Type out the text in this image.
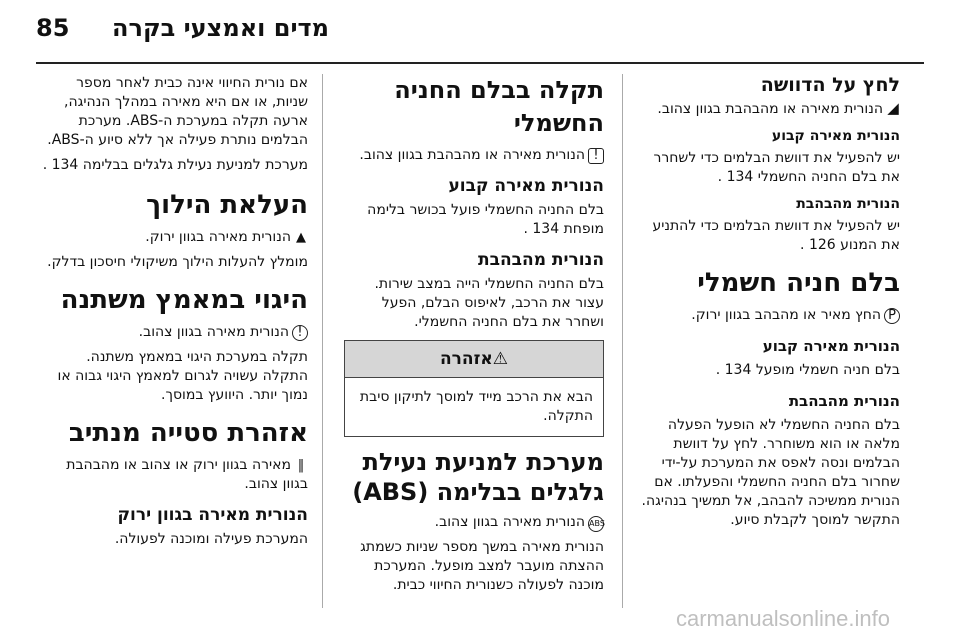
85 מדים ואמצעי בקרה
לחץ על הדוושה
◢הנורית מאירה או מהבהבת בגוון צהוב.
הנורית מאירה קבוע
יש להפעיל את דוושת הבלמים כדי לשחרר את בלם החניה החשמלי 134 .
הנורית מהבהבת
יש להפעיל את דוושת הבלמים כדי להתניע את המנוע 126 .
בלם חניה חשמלי
Pהחץ מאיר או מהבהב בגוון ירוק.
הנורית מאירה קבוע
בלם חניה חשמלי מופעל 134 .
הנורית מהבהבת
בלם החניה החשמלי לא הופעל הפעלה מלאה או הוא משוחרר. לחץ על דוושת הבלמים ונסה לאפס את המערכת על-ידי שחרור בלם החניה החשמלי והפעלתו. אם הנורית ממשיכה להבהב, אל תמשיך בנהיגה. התקשר למוסך לקבלת סיוע.
תקלה בבלם החניה החשמלי
!הנורית מאירה או מהבהבת בגוון צהוב.
הנורית מאירה קבוע
בלם החניה החשמלי פועל בכושר בלימה מופחת 134 .
הנורית מהבהבת
בלם החניה החשמלי הייה במצב שירות. עצור את הרכב, לאיפוס הבלם, הפעל ושחרר את בלם החניה החשמלי.
⚠אזהרה
הבא את הרכב מייד למוסך לתיקון סיבת התקלה.
מערכת למניעת נעילת גלגלים בבלימה (ABS)
ABSהנורית מאירה בגוון צהוב.
הנורית מאירה במשך מספר שניות כשמתג ההצתה מועבר למצב מופעל. המערכת מוכנה לפעולה כשנורית החיווי כבית.
אם נורית החיווי אינה כבית לאחר מספר שניות, או אם היא מאירה במהלך הנהיגה, ארעה תקלה במערכת ה-ABS. מערכת הבלמים נותרת פעילה אך ללא סיוע ה-ABS.
מערכת למניעת נעילת גלגלים בבלימה 134 .
העלאת הילוך
▲הנורית מאירה בגוון ירוק.
מומלץ להעלות הילוך משיקולי חיסכון בדלק.
היגוי במאמץ משתנה
!הנורית מאירה בגוון צהוב.
תקלה במערכת היגוי במאמץ משתנה. התקלה עשויה לגרום למאמץ היגוי גבוה או נמוך יותר. היוועץ במוסך.
אזהרת סטייה מנתיב
‖מאירה בגוון ירוק או צהוב או מהבהבת בגוון צהוב.
הנורית מאירה בגוון ירוק
המערכת פעילה ומוכנה לפעולה.
carmanualsonline.info
